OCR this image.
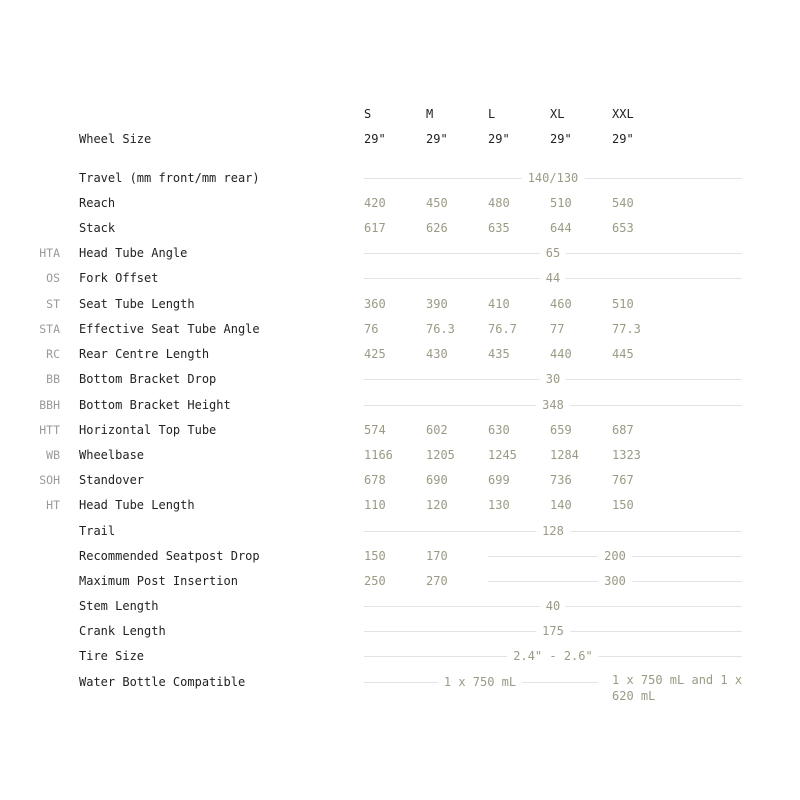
S	M	L	XL	XXL
Wheel Size	29"	29"	29"	29"	29"
Travel (mm front/mm rear)	140/130
Reach	420	450	480	510	540
Stack	617	626	635	644	653
HTA Head Tube Angle	65
OS Fork Offset	44
ST Seat Tube Length	360	390	410	460	510
STA Effective Seat Tube Angle	76	76.3	76.7	77	77.3
RC Rear Centre Length	425	430	435	440	445
BB Bottom Bracket Drop	30
BBH Bottom Bracket Height	348
HTT Horizontal Top Tube	574	602	630	659	687
WB Wheelbase	1166	1205	1245	1284	1323
SOH Standover	678	690	699	736	767
HT Head Tube Length	110	120	130	140	150
Trail	128
Recommended Seatpost Drop	150	170	200
Maximum Post Insertion	250	270	300
Stem Length	40
Crank Length	175
Tire Size	2.4" - 2.6"
Water Bottle Compatible	1 x 750 mL	1 x 750 mL and 1 x 620 mL
